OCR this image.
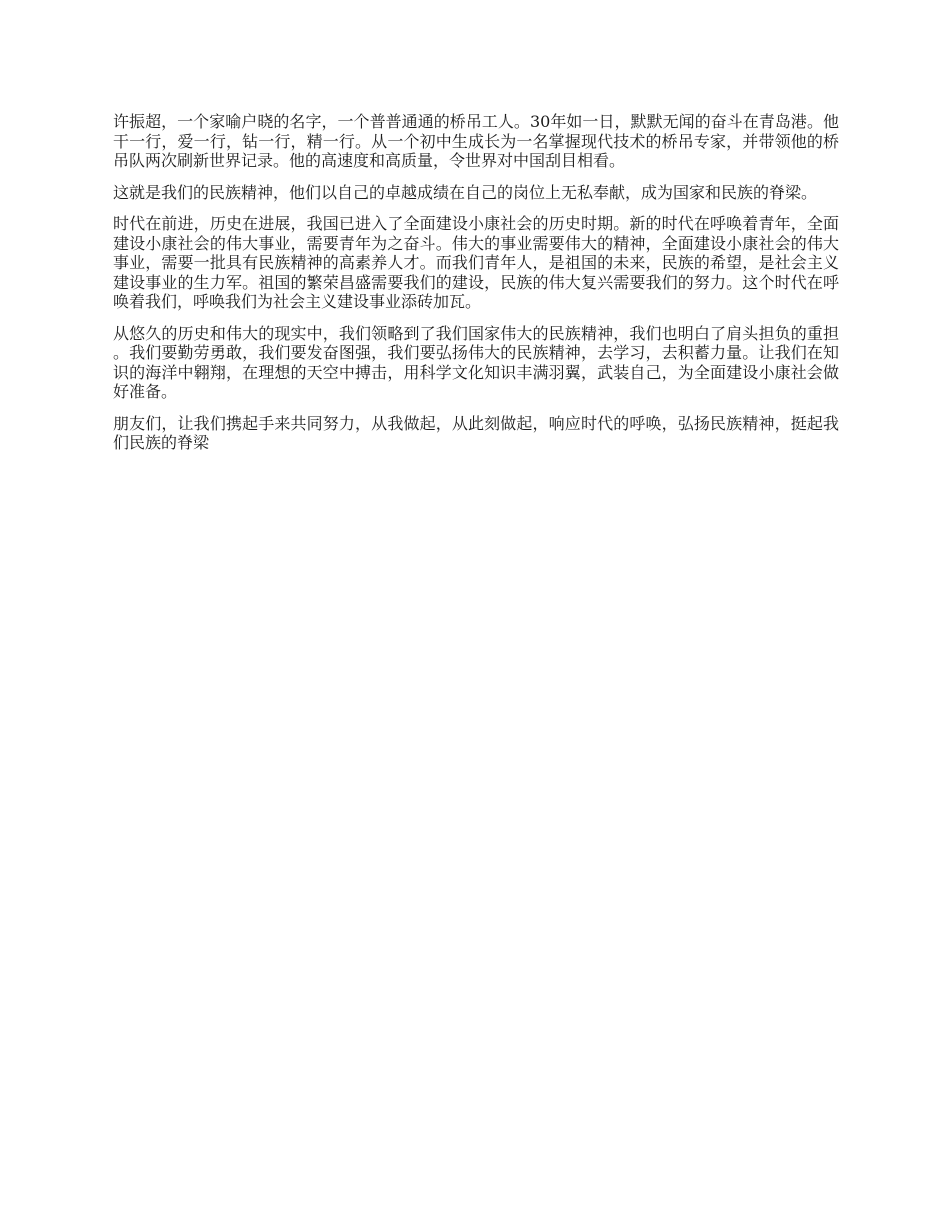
许振超，一个家喻户晓的名字，一个普普通通的桥吊工人。30年如一日，默默无闻的奋斗在青岛港。他干一行，爱一行，钻一行，精一行。从一个初中生成长为一名掌握现代技术的桥吊专家，并带领他的桥吊队两次刷新世界记录。他的高速度和高质量，令世界对中国刮目相看。

这就是我们的民族精神，他们以自己的卓越成绩在自己的岗位上无私奉献，成为国家和民族的脊梁。

时代在前进，历史在进展，我国已进入了全面建设小康社会的历史时期。新的时代在呼唤着青年，全面建设小康社会的伟大事业，需要青年为之奋斗。伟大的事业需要伟大的精神，全面建设小康社会的伟大事业，需要一批具有民族精神的高素养人才。而我们青年人，是祖国的未来，民族的希望，是社会主义建设事业的生力军。祖国的繁荣昌盛需要我们的建设，民族的伟大复兴需要我们的努力。这个时代在呼唤着我们，呼唤我们为社会主义建设事业添砖加瓦。

从悠久的历史和伟大的现实中，我们领略到了我们国家伟大的民族精神，我们也明白了肩头担负的重担。我们要勤劳勇敢，我们要发奋图强，我们要弘扬伟大的民族精神，去学习，去积蓄力量。让我们在知识的海洋中翱翔，在理想的天空中搏击，用科学文化知识丰满羽翼，武装自己，为全面建设小康社会做好准备。

朋友们，让我们携起手来共同努力，从我做起，从此刻做起，响应时代的呼唤，弘扬民族精神，挺起我们民族的脊梁
